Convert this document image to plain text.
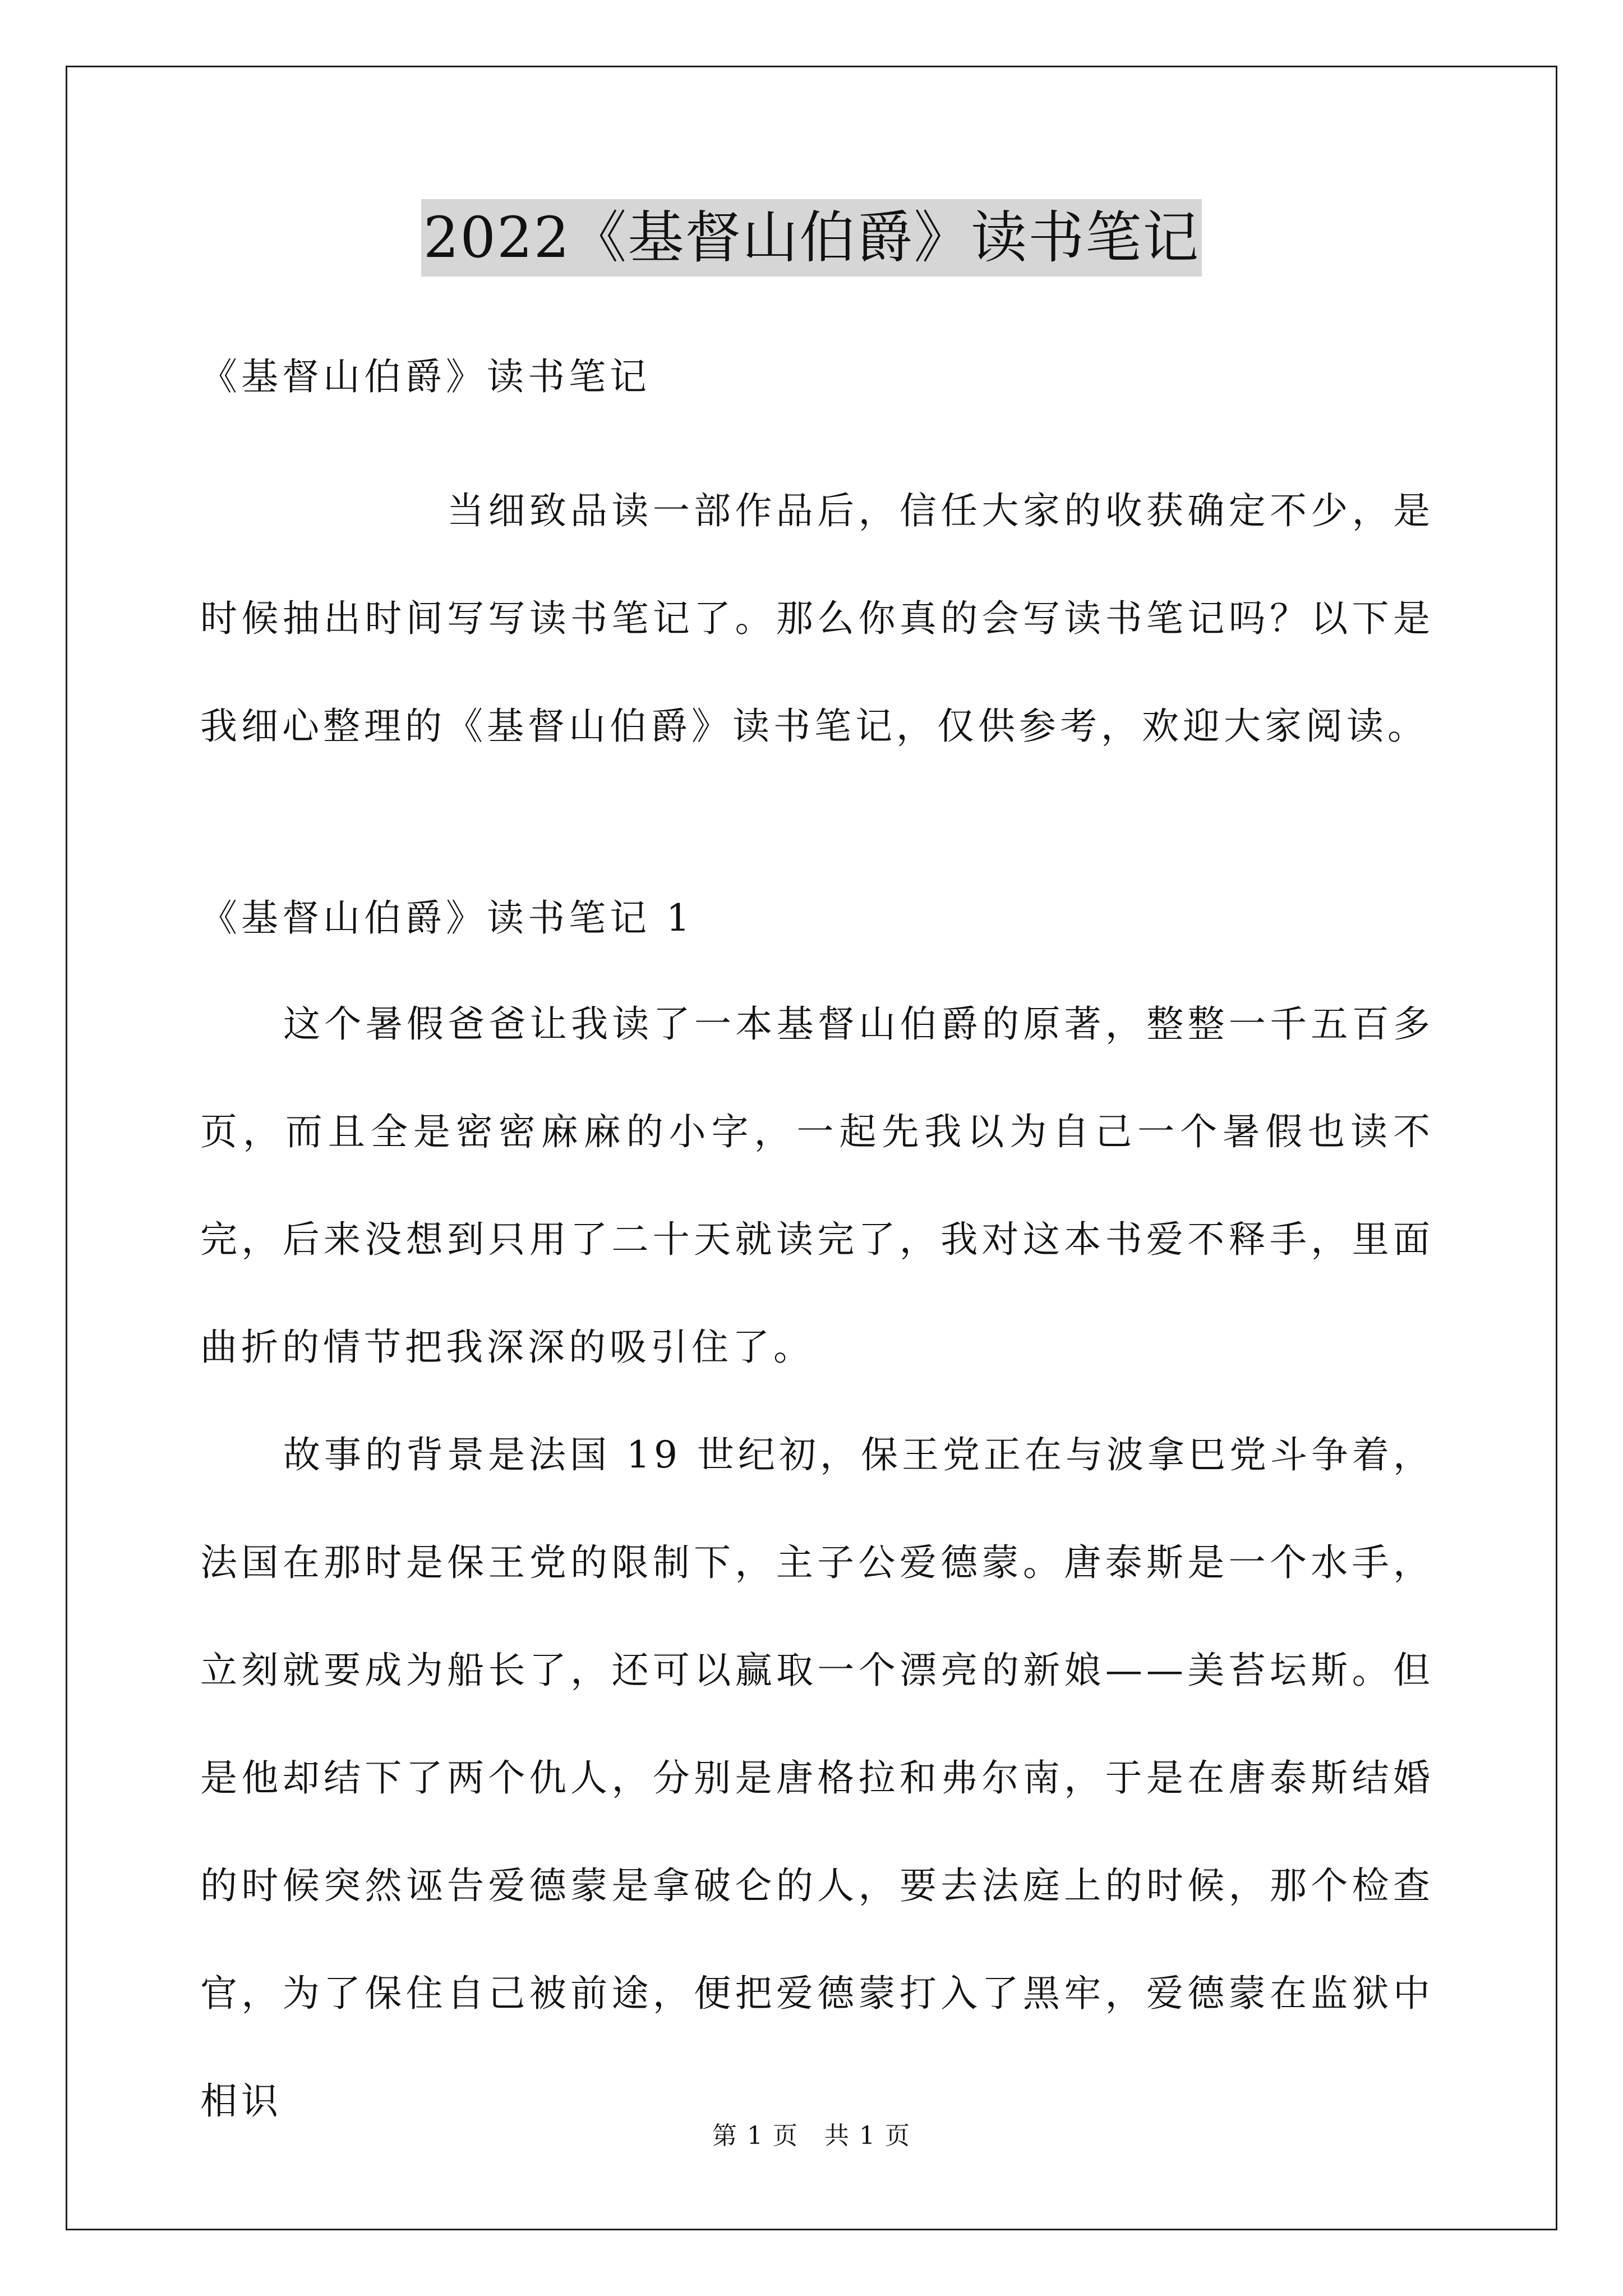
2022《基督山伯爵》读书笔记
《基督山伯爵》读书笔记
当细致品读一部作品后，信任大家的收获确定不少，是时候抽出时间写写读书笔记了。那么你真的会写读书笔记吗？以下是我细心整理的《基督山伯爵》读书笔记，仅供参考，欢迎大家阅读。
《基督山伯爵》读书笔记 1
这个暑假爸爸让我读了一本基督山伯爵的原著，整整一千五百多页，而且全是密密麻麻的小字，一起先我以为自己一个暑假也读不完，后来没想到只用了二十天就读完了，我对这本书爱不释手，里面曲折的情节把我深深的吸引住了。
故事的背景是法国 19 世纪初，保王党正在与波拿巴党斗争着，法国在那时是保王党的限制下，主子公爱德蒙。唐泰斯是一个水手，立刻就要成为船长了，还可以赢取一个漂亮的新娘——美苔坛斯。但是他却结下了两个仇人，分别是唐格拉和弗尔南，于是在唐泰斯结婚的时候突然诬告爱德蒙是拿破仑的人，要去法庭上的时候，那个检查官，为了保住自己被前途，便把爱德蒙打入了黑牢，爱德蒙在监狱中相识
第 1 页　共 1 页
